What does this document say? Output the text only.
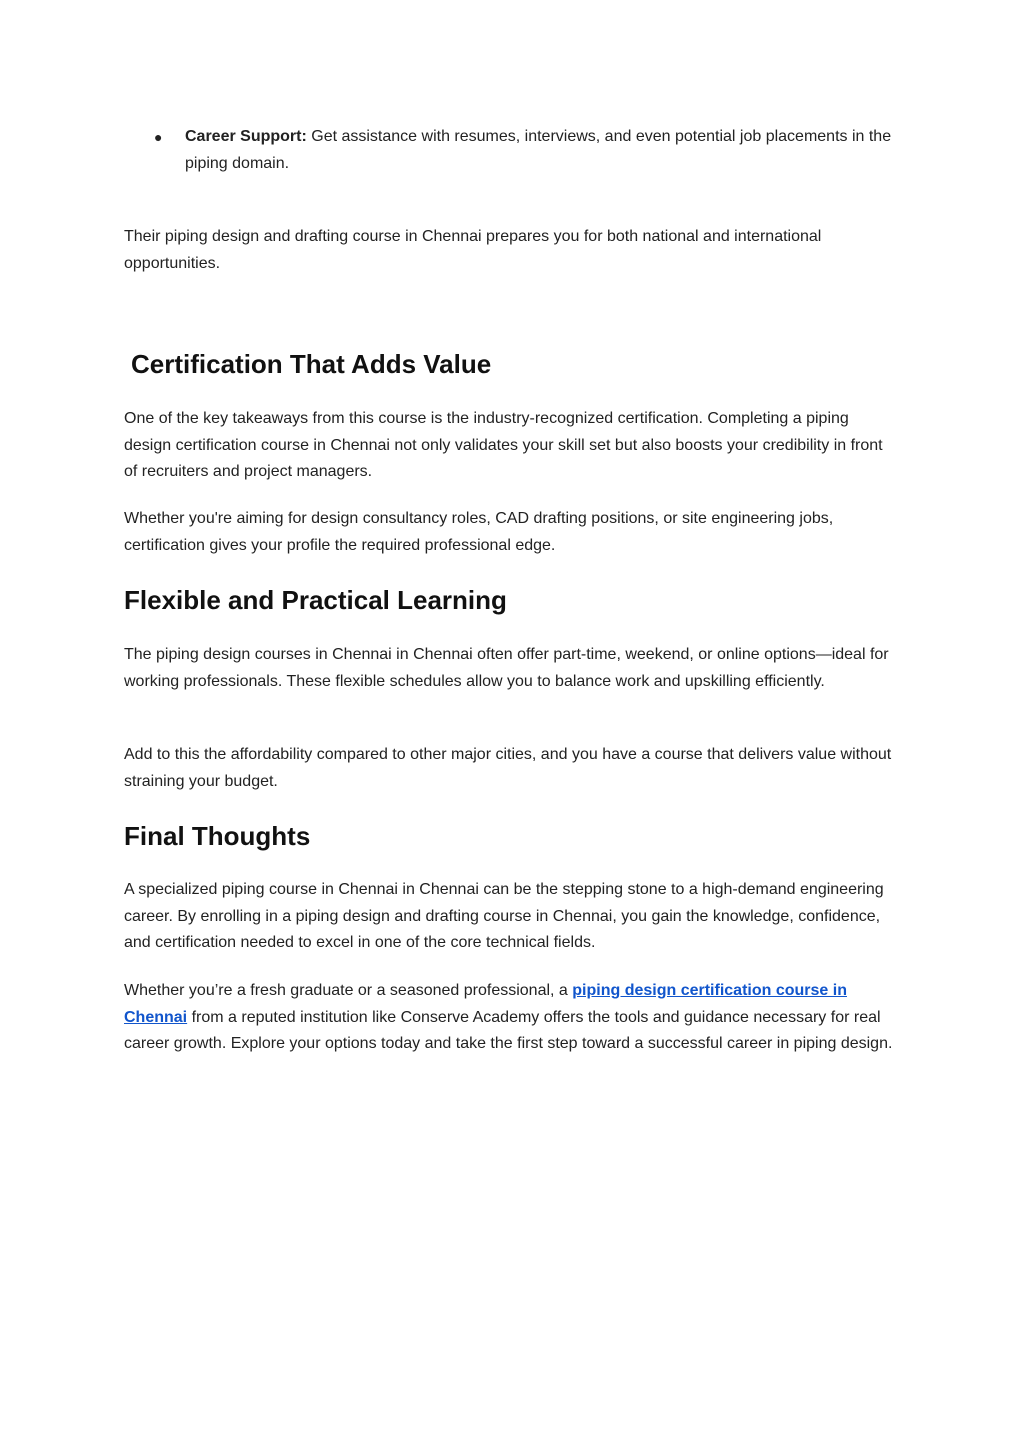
● Career Support: Get assistance with resumes, interviews, and even potential job placements in the piping domain.

Their piping design and drafting course in Chennai prepares you for both national and international opportunities.

Certification That Adds Value

One of the key takeaways from this course is the industry-recognized certification. Completing a piping design certification course in Chennai not only validates your skill set but also boosts your credibility in front of recruiters and project managers.

Whether you're aiming for design consultancy roles, CAD drafting positions, or site engineering jobs, certification gives your profile the required professional edge.

Flexible and Practical Learning

The piping design courses in Chennai in Chennai often offer part-time, weekend, or online options—ideal for working professionals. These flexible schedules allow you to balance work and upskilling efficiently.

Add to this the affordability compared to other major cities, and you have a course that delivers value without straining your budget.

Final Thoughts

A specialized piping course in Chennai in Chennai can be the stepping stone to a high-demand engineering career. By enrolling in a piping design and drafting course in Chennai, you gain the knowledge, confidence, and certification needed to excel in one of the core technical fields.

Whether you’re a fresh graduate or a seasoned professional, a piping design certification course in Chennai from a reputed institution like Conserve Academy offers the tools and guidance necessary for real career growth. Explore your options today and take the first step toward a successful career in piping design.
